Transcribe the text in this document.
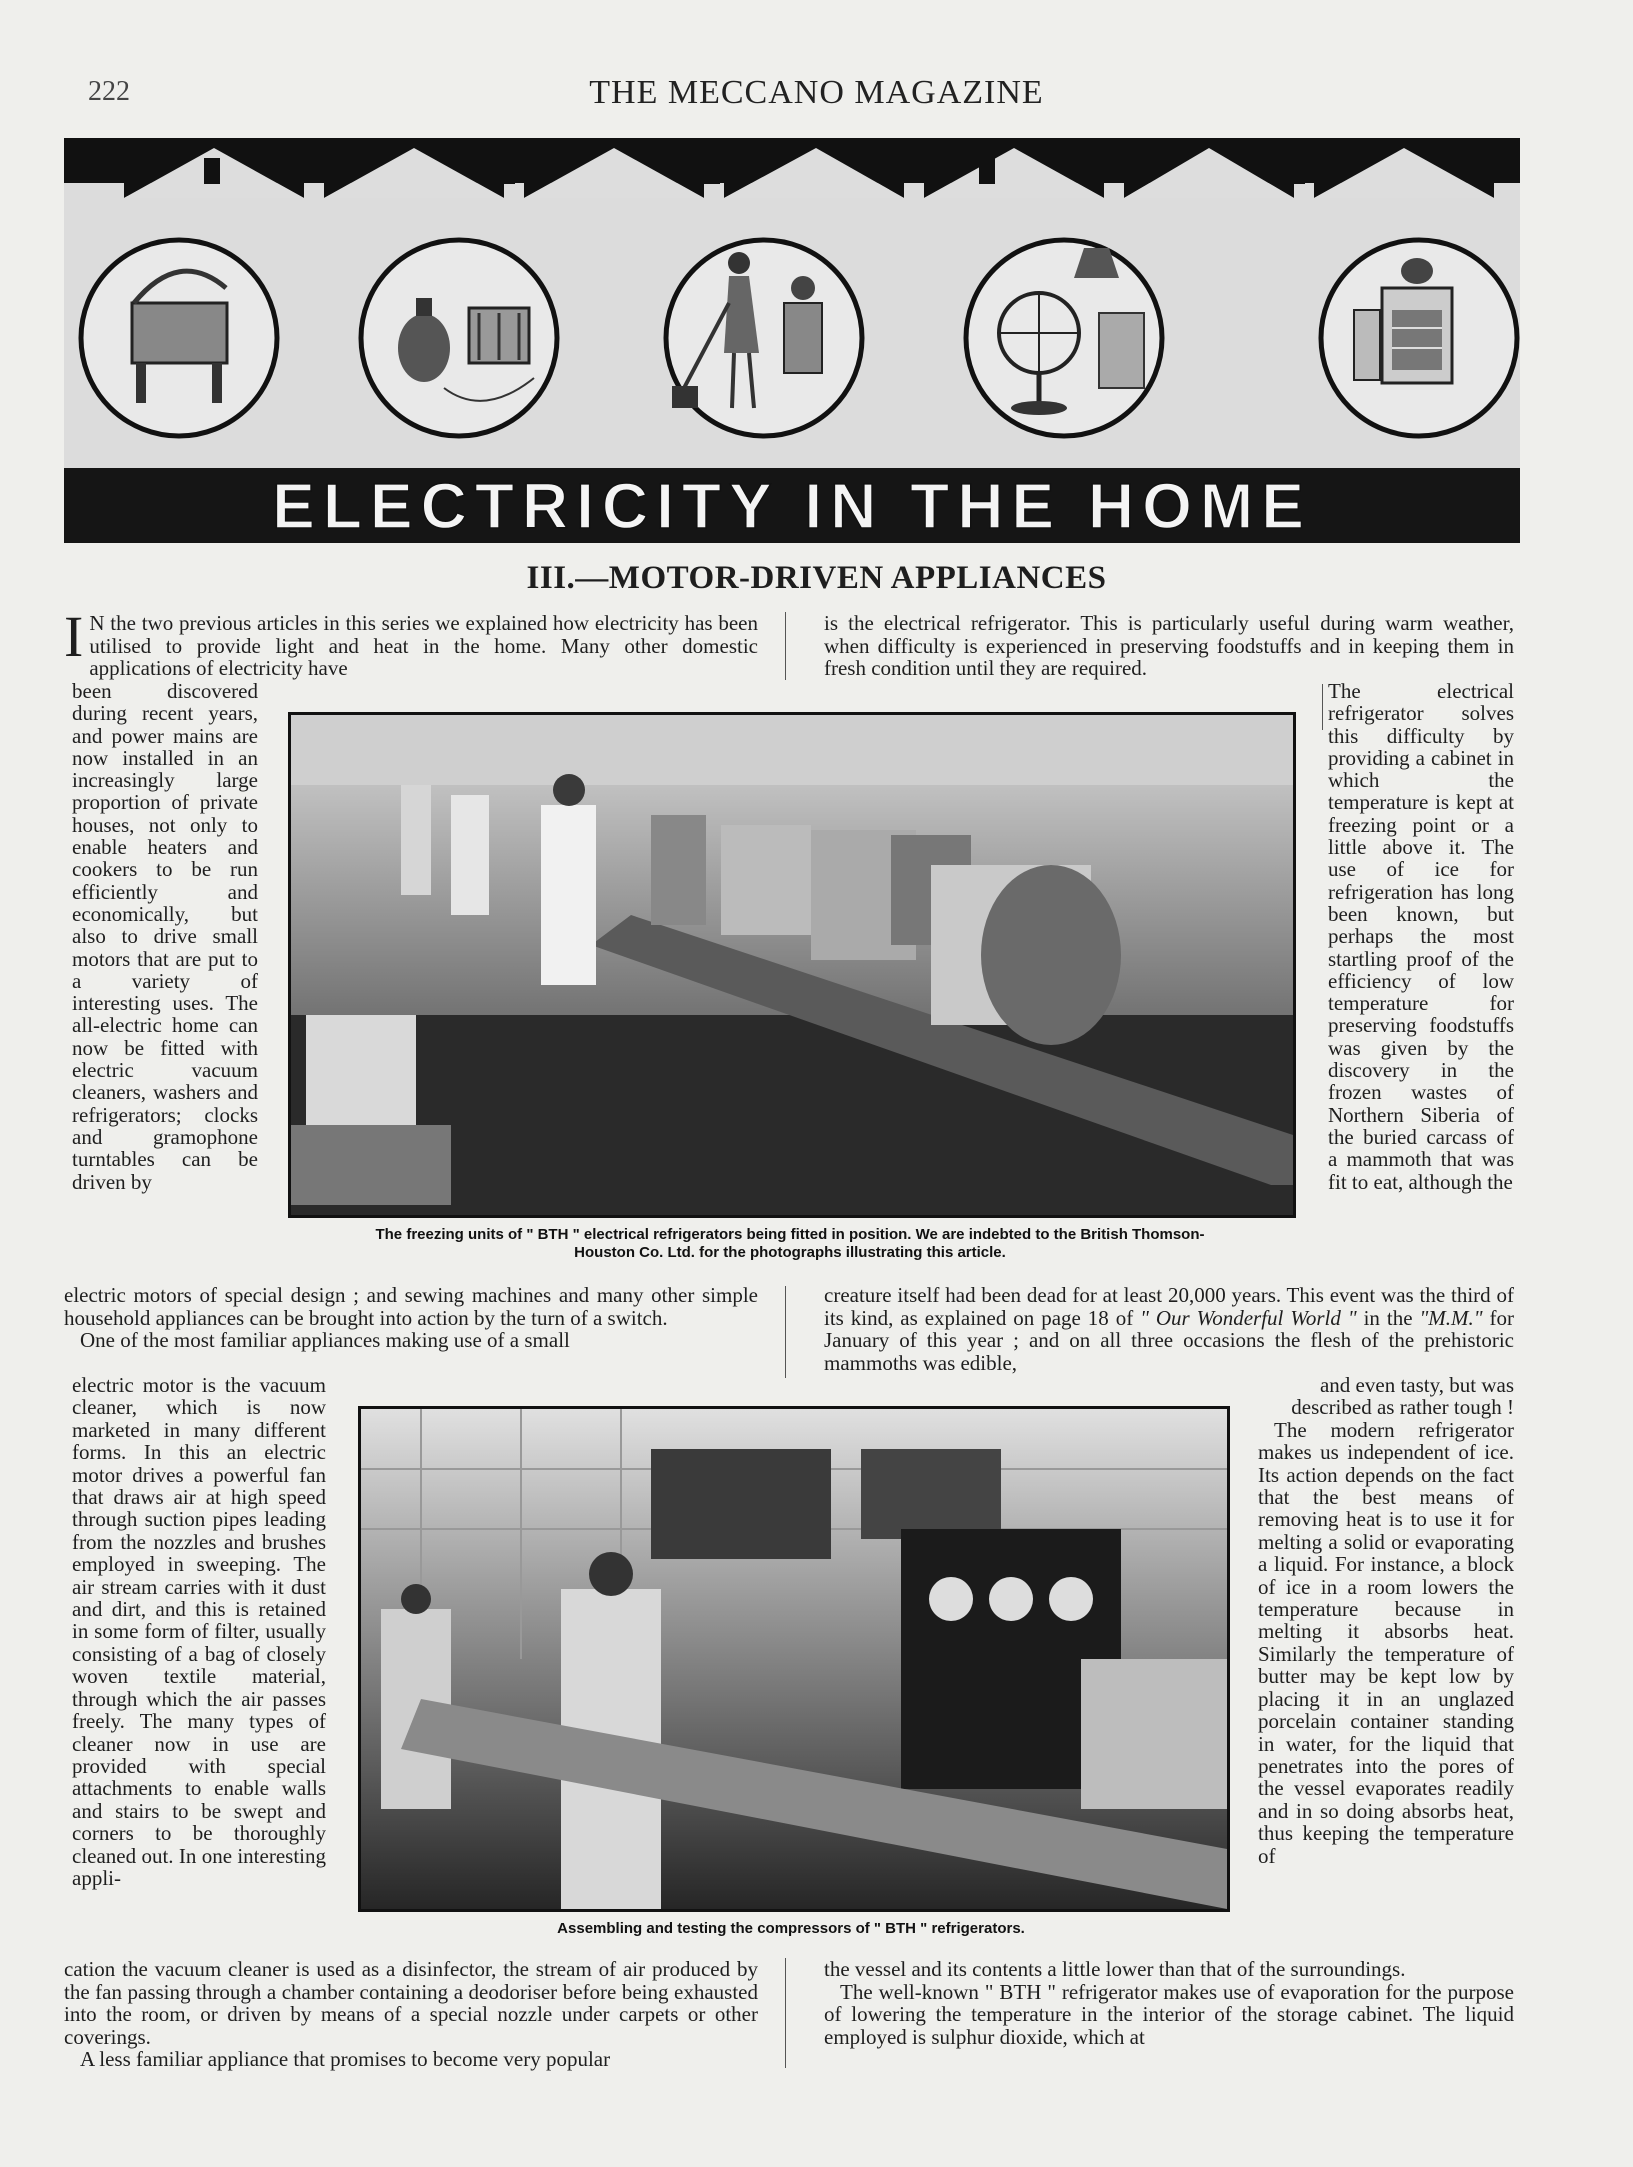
222	THE MECCANO MAGAZINE
ELECTRICITY IN THE HOME
III.—MOTOR-DRIVEN APPLIANCES

I N the two previous articles in this series we explained how electricity has been utilised to provide light and heat in the home. Many other domestic applications of electricity have

is the electrical refrigerator. This is particularly useful during warm weather, when difficulty is experienced in preserving foodstuffs and in keeping them in fresh condition until they are required.

been discovered during recent years, and power mains are now installed in an increasingly large proportion of private houses, not only to enable heaters and cookers to be run efficiently and economically, but also to drive small motors that are put to a variety of interesting uses. The all-electric home can now be fitted with electric vacuum cleaners, washers and refrigerators; clocks and gramophone turntables can be driven by

The electrical refrigerator solves this difficulty by providing a cabinet in which the temperature is kept at freezing point or a little above it. The use of ice for refrigeration has long been known, but perhaps the most startling proof of the efficiency of low temperature for preserving foodstuffs was given by the discovery in the frozen wastes of Northern Siberia of the buried carcass of a mammoth that was fit to eat, although the

The freezing units of " BTH " electrical refrigerators being fitted in position. We are indebted to the British Thomson-
Houston Co. Ltd. for the photographs illustrating this article.

electric motors of special design ; and sewing machines and many other simple household appliances can be brought into action by the turn of a switch.

One of the most familiar appliances making use of a small

creature itself had been dead for at least 20,000 years. This event was the third of its kind, as explained on page 18 of " Our Wonderful World " in the "M.M." for January of this year ; and on all three occasions the flesh of the prehistoric mammoths was edible,

electric motor is the vacuum cleaner, which is now marketed in many different forms. In this an electric motor drives a powerful fan that draws air at high speed through suction pipes leading from the nozzles and brushes employed in sweeping. The air stream carries with it dust and dirt, and this is retained in some form of filter, usually consisting of a bag of closely woven textile material, through which the air passes freely. The many types of cleaner now in use are provided with special attachments to enable walls and stairs to be swept and corners to be thoroughly cleaned out. In one interesting appli-

and even tasty, but was described as rather tough !

The modern refrigerator makes us independent of ice. Its action depends on the fact that the best means of removing heat is to use it for melting a solid or evaporating a liquid. For instance, a block of ice in a room lowers the temperature because in melting it absorbs heat. Similarly the temperature of butter may be kept low by placing it in an unglazed porcelain container standing in water, for the liquid that penetrates into the pores of the vessel evaporates readily and in so doing absorbs heat, thus keeping the temperature of

Assembling and testing the compressors of " BTH " refrigerators.

cation the vacuum cleaner is used as a disinfector, the stream of air produced by the fan passing through a chamber containing a deodoriser before being exhausted into the room, or driven by means of a special nozzle under carpets or other coverings.

A less familiar appliance that promises to become very popular

the vessel and its contents a little lower than that of the surroundings.

The well-known " BTH " refrigerator makes use of evaporation for the purpose of lowering the temperature in the interior of the storage cabinet. The liquid employed is sulphur dioxide, which at
